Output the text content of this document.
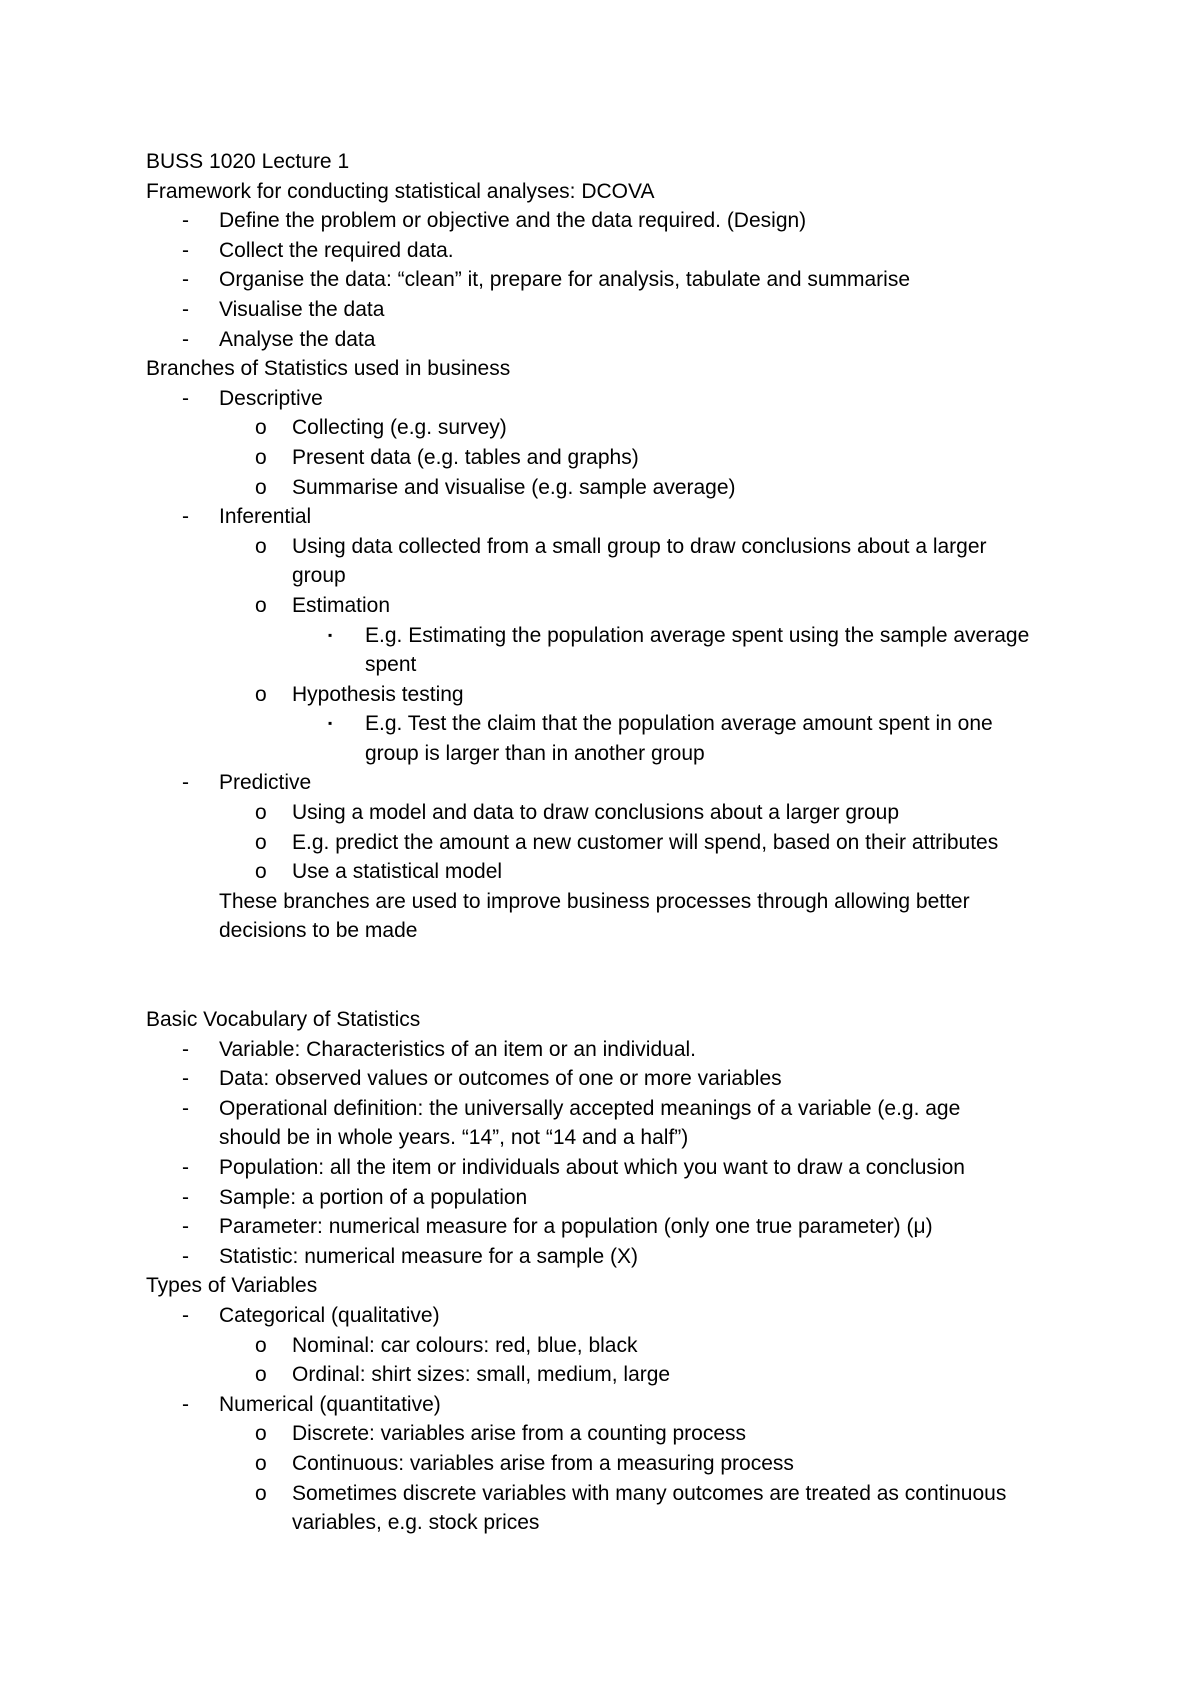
BUSS 1020 Lecture 1
Framework for conducting statistical analyses: DCOVA
- Define the problem or objective and the data required. (Design)
- Collect the required data.
- Organise the data: “clean” it, prepare for analysis, tabulate and summarise
- Visualise the data
- Analyse the data
Branches of Statistics used in business
- Descriptive
o Collecting (e.g. survey)
o Present data (e.g. tables and graphs)
o Summarise and visualise (e.g. sample average)
- Inferential
o Using data collected from a small group to draw conclusions about a larger
group
o Estimation
▪ E.g. Estimating the population average spent using the sample average
spent
o Hypothesis testing
▪ E.g. Test the claim that the population average amount spent in one
group is larger than in another group
- Predictive
o Using a model and data to draw conclusions about a larger group
o E.g. predict the amount a new customer will spend, based on their attributes
o Use a statistical model
These branches are used to improve business processes through allowing better
decisions to be made
Basic Vocabulary of Statistics
- Variable: Characteristics of an item or an individual.
- Data: observed values or outcomes of one or more variables
- Operational definition: the universally accepted meanings of a variable (e.g. age
should be in whole years. “14”, not “14 and a half”)
- Population: all the item or individuals about which you want to draw a conclusion
- Sample: a portion of a population
- Parameter: numerical measure for a population (only one true parameter) (μ)
- Statistic: numerical measure for a sample (X)
Types of Variables
- Categorical (qualitative)
o Nominal: car colours: red, blue, black
o Ordinal: shirt sizes: small, medium, large
- Numerical (quantitative)
o Discrete: variables arise from a counting process
o Continuous: variables arise from a measuring process
o Sometimes discrete variables with many outcomes are treated as continuous
variables, e.g. stock prices
